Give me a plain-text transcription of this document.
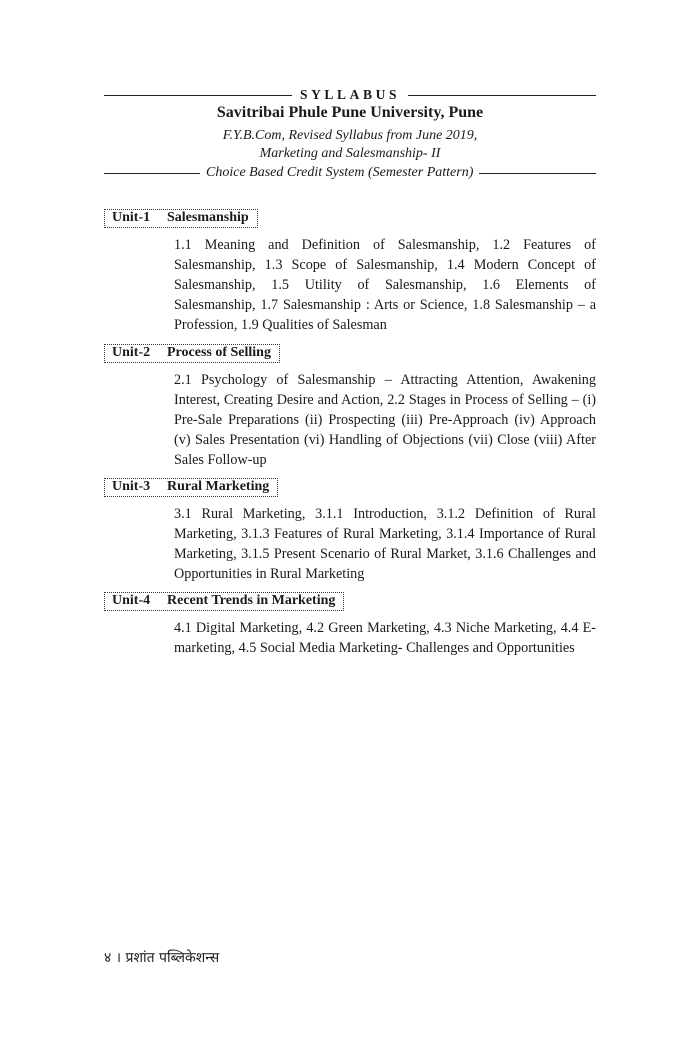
SYLLABUS
Savitribai Phule Pune University, Pune
F.Y.B.Com, Revised Syllabus from June 2019,
Marketing and Salesmanship- II
Choice Based Credit System (Semester Pattern)
Unit-1	Salesmanship
1.1 Meaning and Definition of Salesmanship, 1.2 Features of Salesmanship, 1.3 Scope of Salesmanship, 1.4 Modern Concept of Salesmanship, 1.5 Utility of Salesmanship, 1.6 Elements of Salesmanship, 1.7 Salesmanship : Arts or Science, 1.8 Salesmanship – a Profession, 1.9 Qualities of Salesman
Unit-2	Process of Selling
2.1 Psychology of Salesmanship – Attracting Attention, Awakening Interest, Creating Desire and Action, 2.2 Stages in Process of Selling – (i) Pre-Sale Preparations (ii) Prospecting (iii) Pre-Approach (iv) Approach (v) Sales Presentation (vi) Handling of Objections (vii) Close (viii) After Sales Follow-up
Unit-3	Rural Marketing
3.1 Rural Marketing, 3.1.1 Introduction, 3.1.2 Definition of Rural Marketing, 3.1.3 Features of Rural Marketing, 3.1.4 Importance of Rural Marketing, 3.1.5 Present Scenario of Rural Market, 3.1.6 Challenges and Opportunities in Rural Marketing
Unit-4	Recent Trends in Marketing
4.1 Digital Marketing, 4.2 Green Marketing, 4.3 Niche Marketing, 4.4 E-marketing, 4.5 Social Media Marketing- Challenges and Opportunities
४ । प्रशांत पब्लिकेशन्स
